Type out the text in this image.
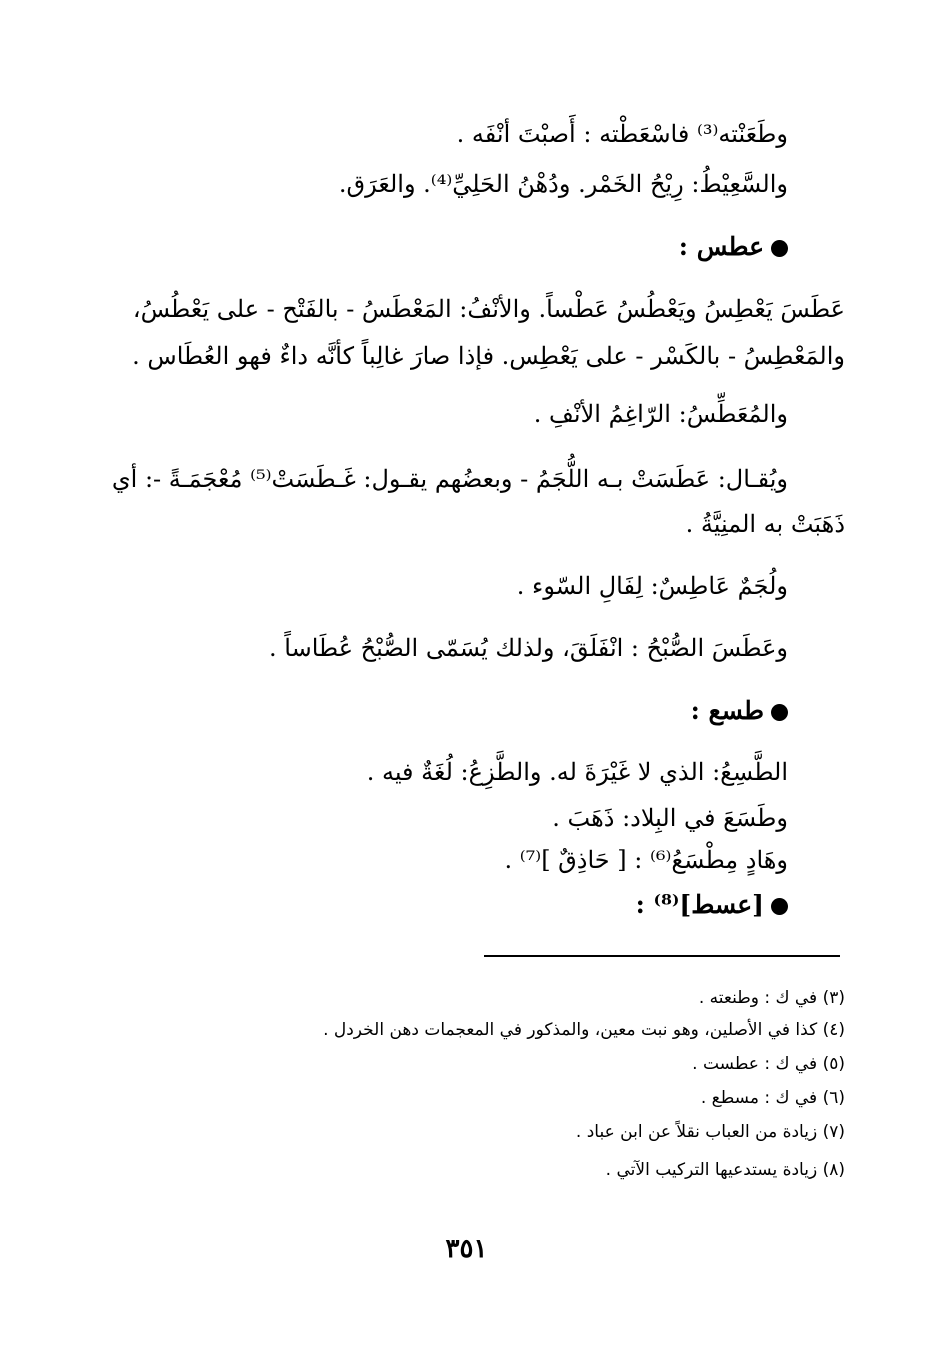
وطَعَنْته⁽³⁾ فاسْعَطْته : أَصبْتَ أنْفَه .
والسَّعِيْطُ: رِيْحُ الخَمْر. ودُهْنُ الحَلِيِّ⁽⁴⁾. والعَرَق.
عطس :
عَطَسَ يَعْطِسُ ويَعْطُسُ عَطْساً. والأنْفُ: المَعْطَسُ - بالفَتْح - على يَعْطُسُ،
والمَعْطِسُ - بالكَسْر - على يَعْطِس. فإذا صارَ غالِباً كأنَّه داءٌ فهو العُطَاس .
والمُعَطِّسُ: الرّاغِمُ الأنْفِ .
ويُقـال: عَطَسَتْ بـه اللُّجَمُ - وبعضُهم يقـول: غَـطَسَتْ⁽⁵⁾ مُعْجَمَـةً -: أي
ذَهَبَتْ به المنِيَّةُ .
ولُجَمٌ عَاطِسٌ: لِفَالِ السّوء .
وعَطَسَ الصُّبْحُ : انْفَلَقَ، ولذلك يُسَمّى الصُّبْحُ عُطَاساً .
طسع :
الطَّسِعُ: الذي لا غَيْرَةَ له. والطَّزِعُ: لُغَةٌ فيه .
وطَسَعَ في البِلاد: ذَهَبَ .
وهَادٍ مِطْسَعُ⁽⁶⁾ : [ حَاذِقٌ ]⁽⁷⁾ .
[عسط]⁽⁸⁾ :
(٣) في ك : وطنعته .
(٤) كذا في الأصلين، وهو نبت معين، والمذكور في المعجمات دهن الخردل .
(٥) في ك : عطست .
(٦) في ك : مسطع .
(٧) زيادة من العباب نقلاً عن ابن عباد .
(٨) زيادة يستدعيها التركيب الآتي .
٣٥١
